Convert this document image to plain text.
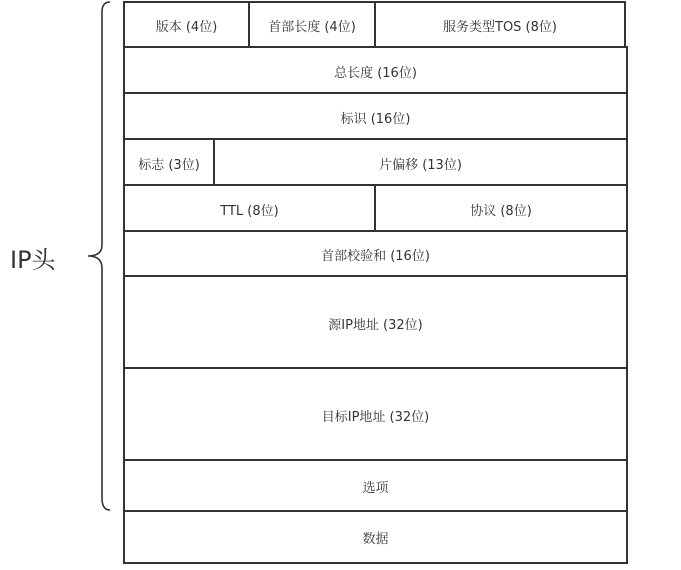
IP头
版本 (4位)	首部长度 (4位)	服务类型TOS (8位)
总长度 (16位)
标识 (16位)
标志 (3位)	片偏移 (13位)
TTL (8位)	协议 (8位)
首部校验和 (16位)
源IP地址 (32位)
目标IP地址 (32位)
选项
数据
